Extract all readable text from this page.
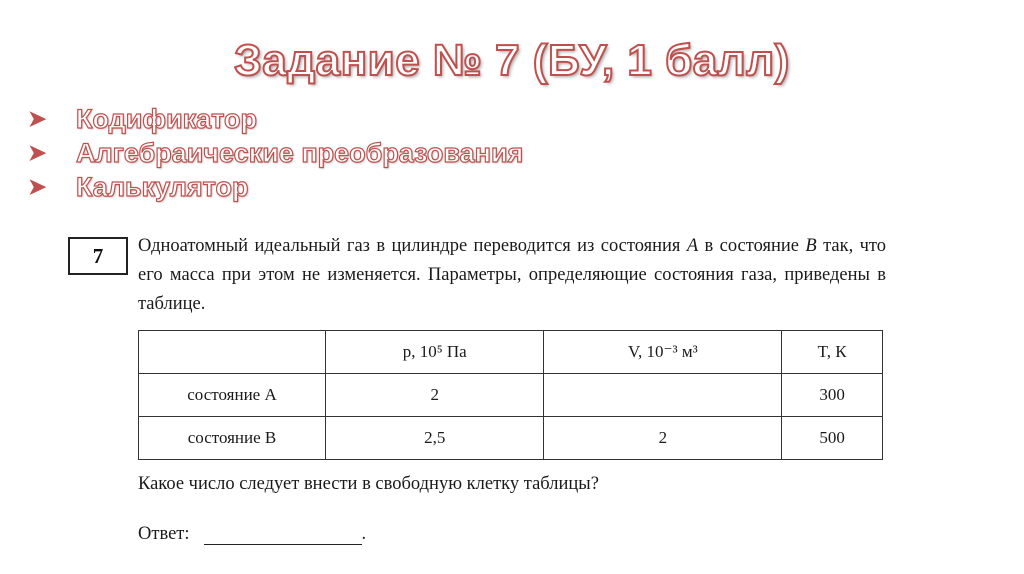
Задание № 7 (БУ, 1 балл)
➤	Кодификатор
➤	Алгебраические преобразования
➤	Калькулятор
7	Одноатомный идеальный газ в цилиндре переводится из состояния A в состояние B так, что его масса при этом не изменяется. Параметры, определяющие состояния газа, приведены в таблице.
	p, 10⁵ Па	V, 10⁻³ м³	T, К
состояние A	2		300
состояние B	2,5	2	500
Какое число следует внести в свободную клетку таблицы?
Ответ:	.
